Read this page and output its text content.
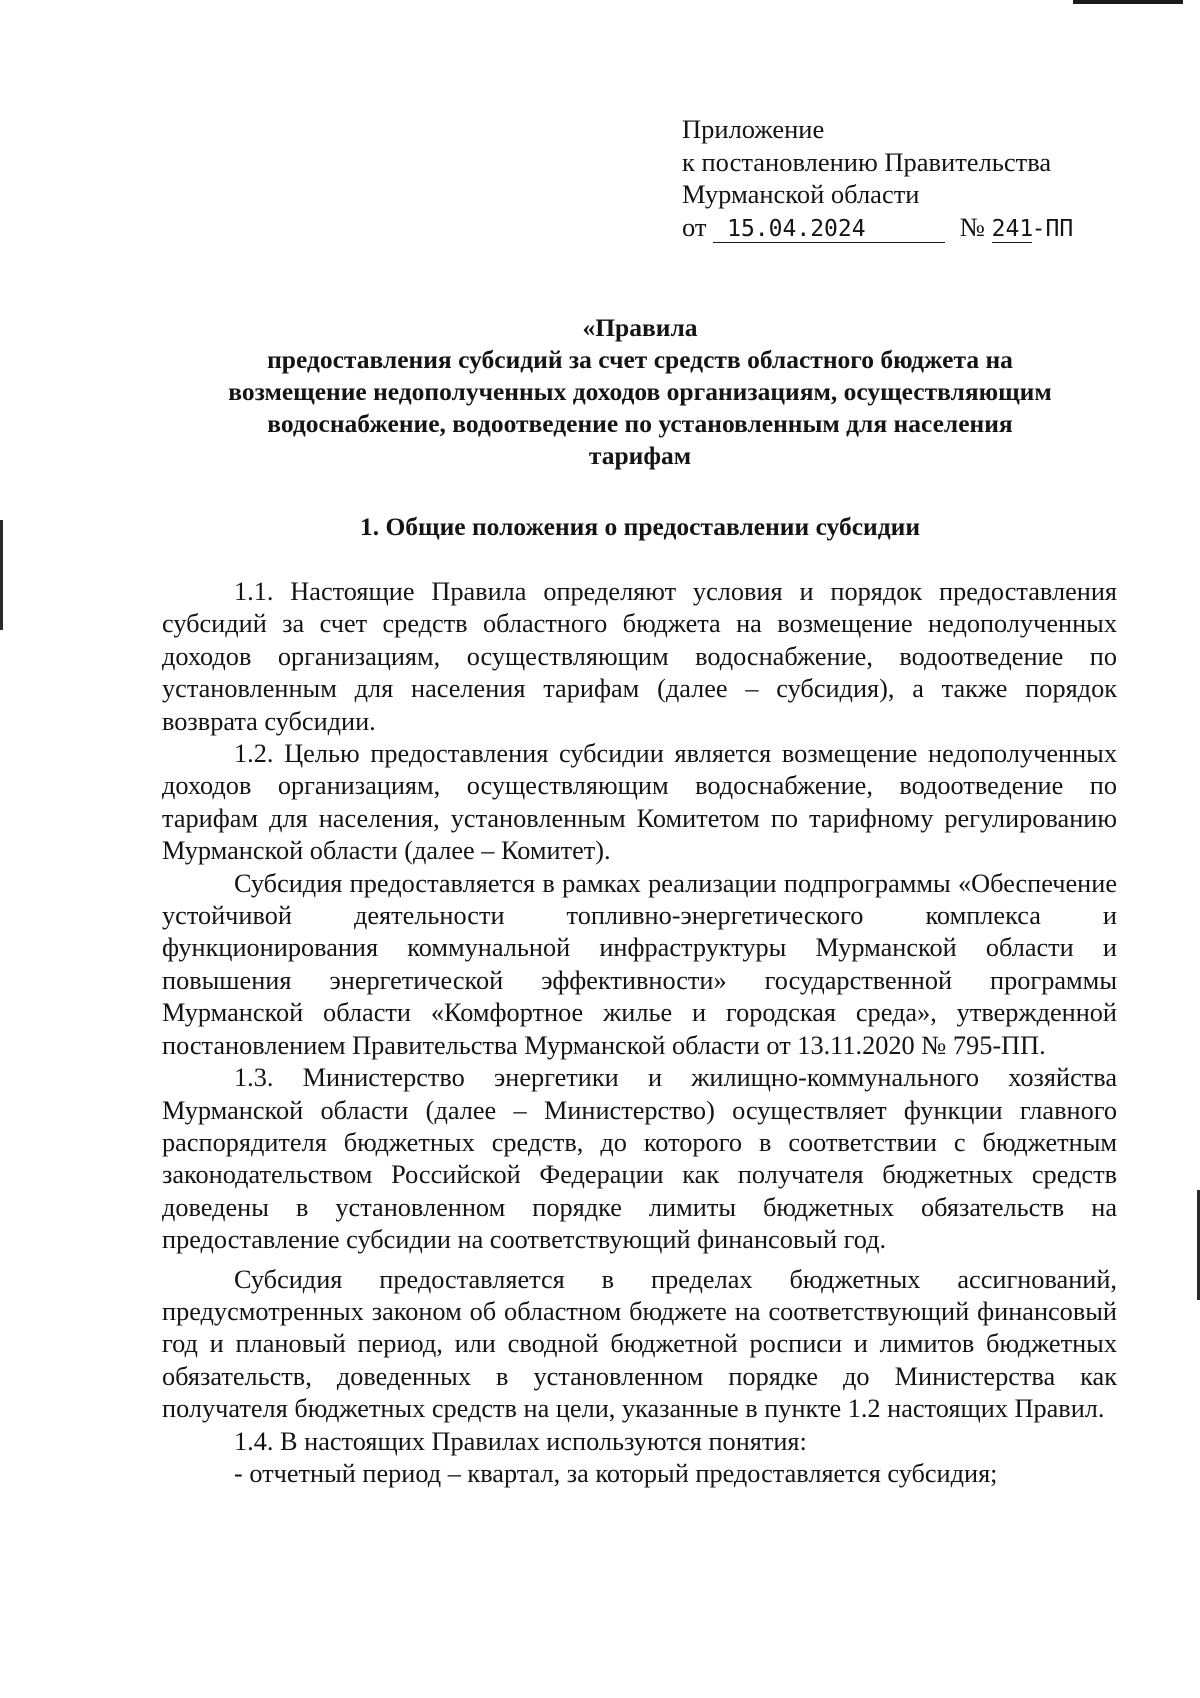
Приложение
к постановлению Правительства
Мурманской области
от 15.04.2024	№ 241-ПП
«Правила
предоставления субсидий за счет средств областного бюджета на
возмещение недополученных доходов организациям, осуществляющим
водоснабжение, водоотведение по установленным для населения
тарифам
1. Общие положения о предоставлении субсидии

1.1. Настоящие Правила определяют условия и порядок предоставления субсидий за счет средств областного бюджета на возмещение недополученных доходов организациям, осуществляющим водоснабжение, водоотведение по установленным для населения тарифам (далее – субсидия), а также порядок возврата субсидии.

1.2. Целью предоставления субсидии является возмещение недополученных доходов организациям, осуществляющим водоснабжение, водоотведение по тарифам для населения, установленным Комитетом по тарифному регулированию Мурманской области (далее – Комитет).

Субсидия предоставляется в рамках реализации подпрограммы «Обеспечение устойчивой деятельности топливно-энергетического комплекса и функционирования коммунальной инфраструктуры Мурманской области и повышения энергетической эффективности» государственной программы Мурманской области «Комфортное жилье и городская среда», утвержденной постановлением Правительства Мурманской области от 13.11.2020 № 795-ПП.

1.3. Министерство энергетики и жилищно-коммунального хозяйства Мурманской области (далее – Министерство) осуществляет функции главного распорядителя бюджетных средств, до которого в соответствии с бюджетным законодательством Российской Федерации как получателя бюджетных средств доведены в установленном порядке лимиты бюджетных обязательств на предоставление субсидии на соответствующий финансовый год.

Субсидия предоставляется в пределах бюджетных ассигнований, предусмотренных законом об областном бюджете на соответствующий финансовый год и плановый период, или сводной бюджетной росписи и лимитов бюджетных обязательств, доведенных в установленном порядке до Министерства как получателя бюджетных средств на цели, указанные в пункте 1.2 настоящих Правил.

1.4. В настоящих Правилах используются понятия:

- отчетный период – квартал, за который предоставляется субсидия;
